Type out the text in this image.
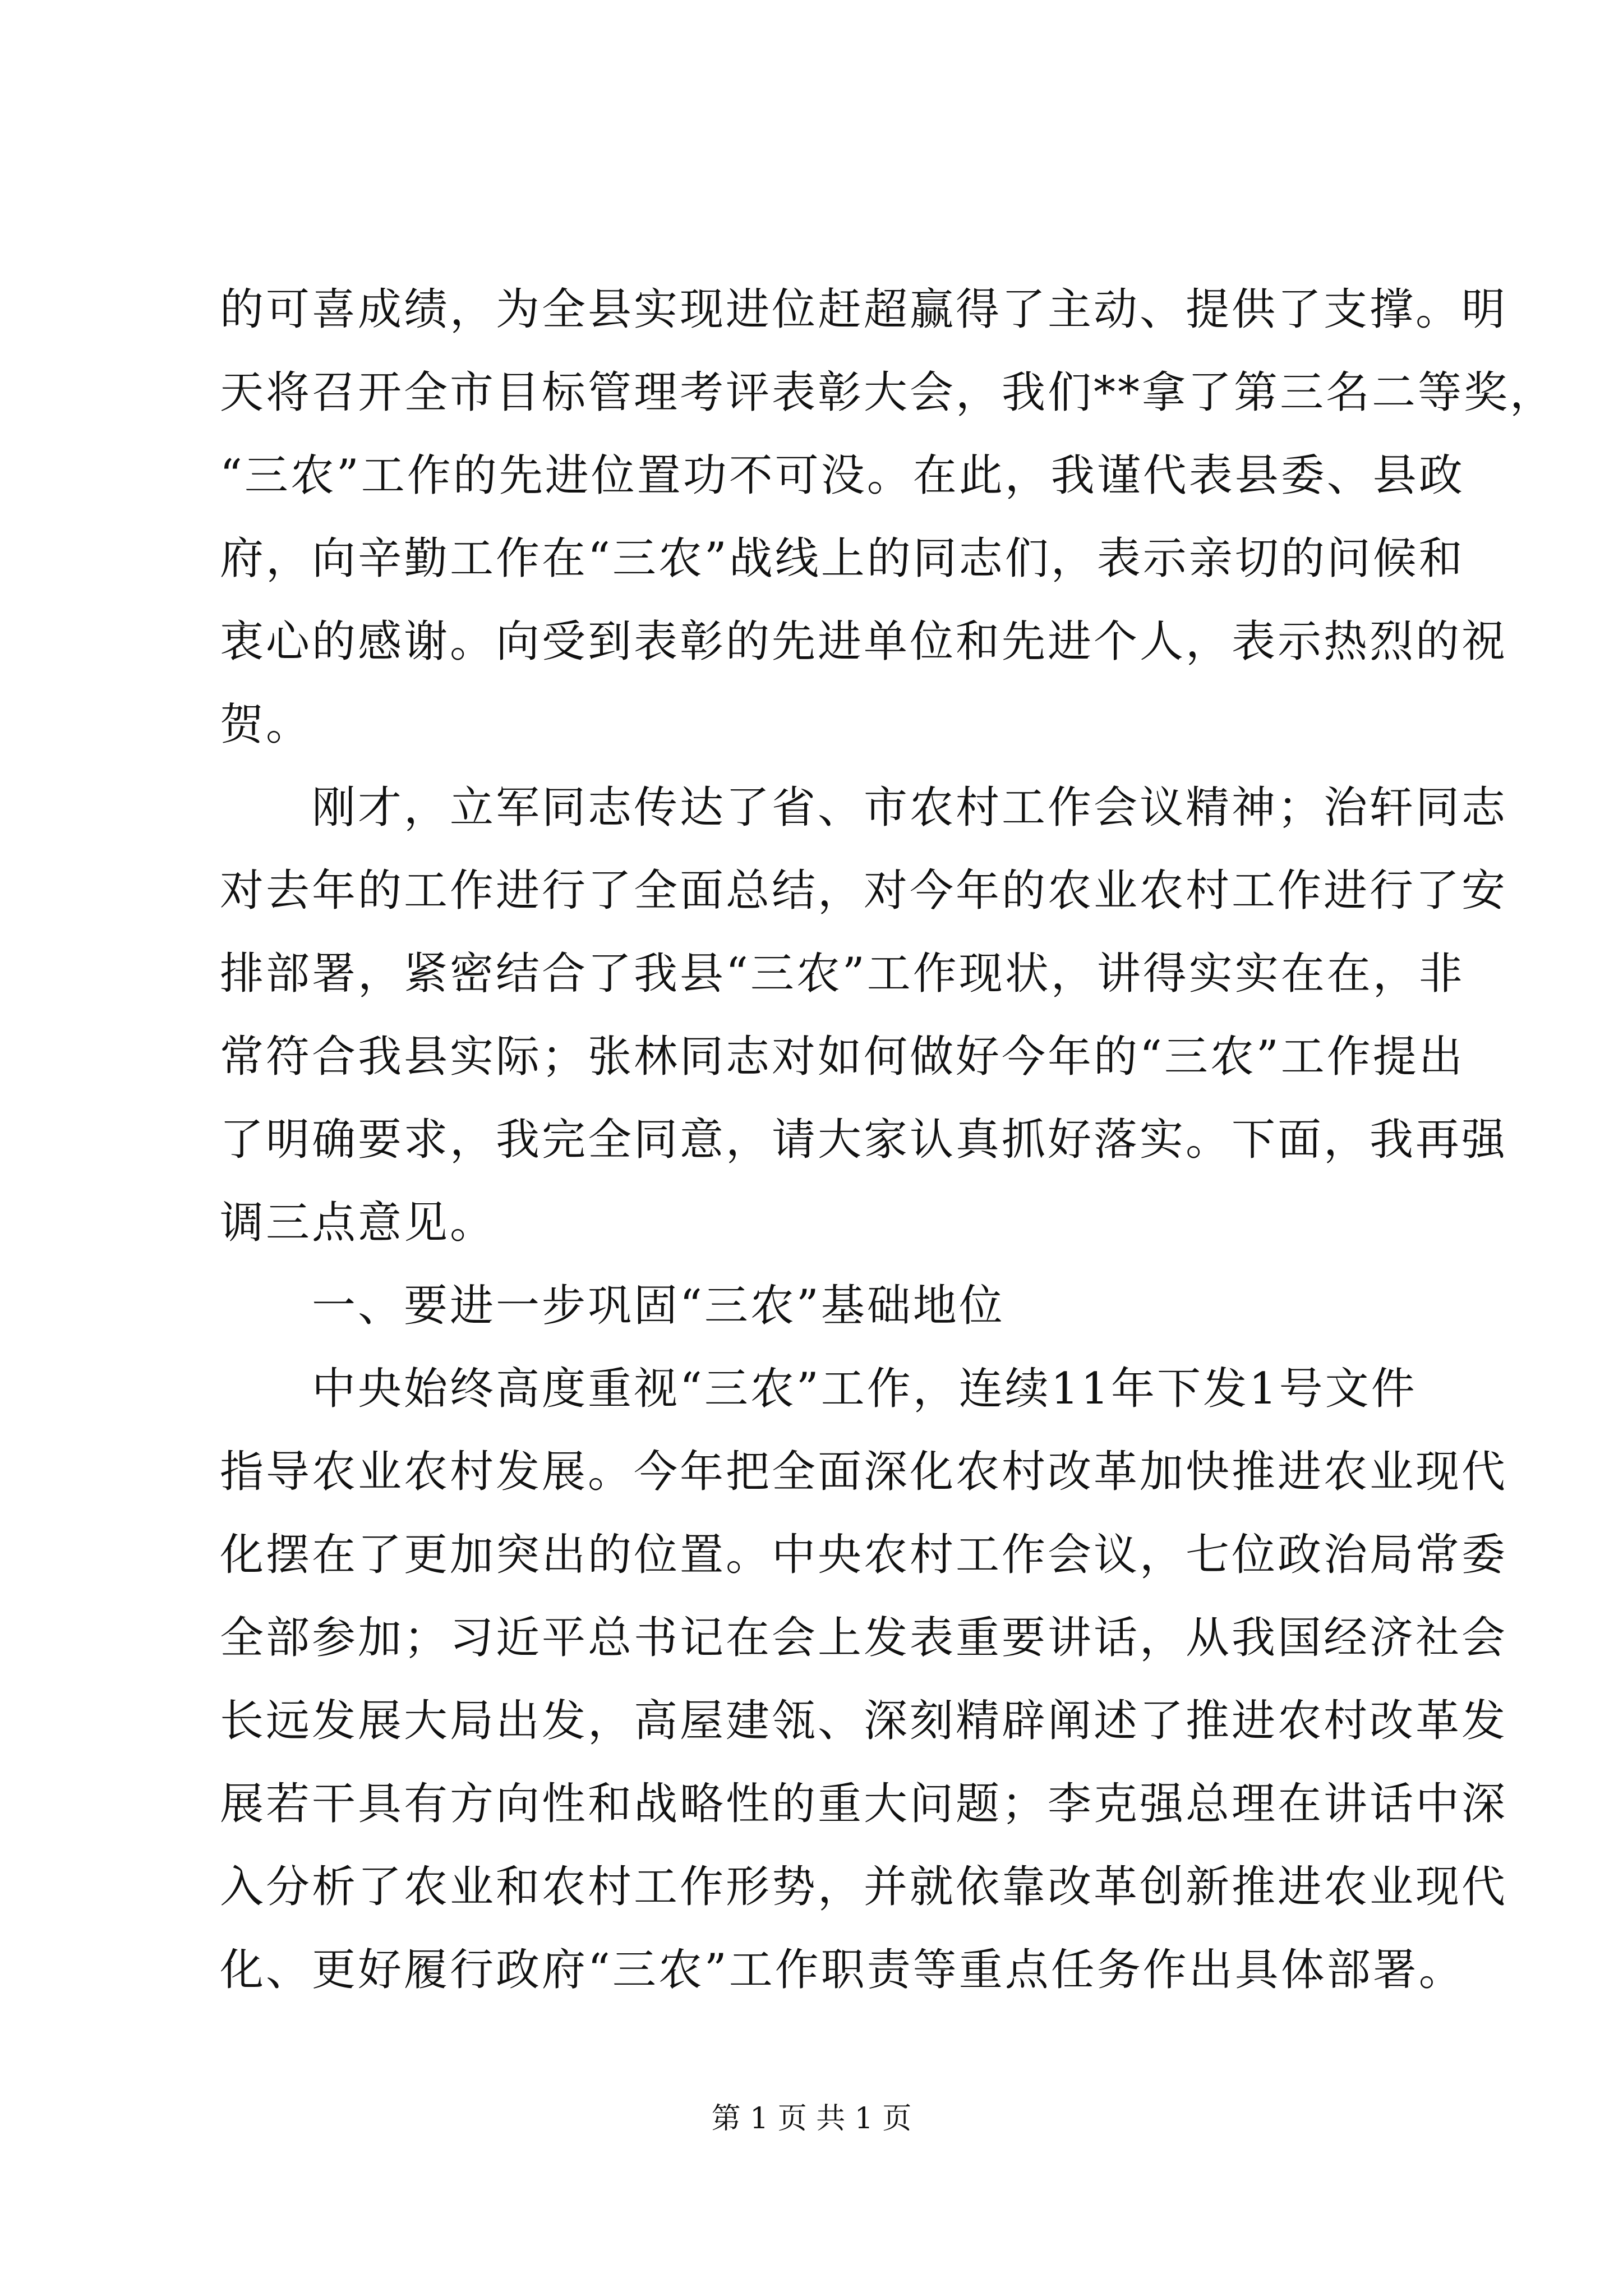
的可喜成绩，为全县实现进位赶超赢得了主动、提供了支撑。明
天将召开全市目标管理考评表彰大会，我们**拿了第三名二等奖，
“三农”工作的先进位置功不可没。在此，我谨代表县委、县政
府，向辛勤工作在“三农”战线上的同志们，表示亲切的问候和
衷心的感谢。向受到表彰的先进单位和先进个人，表示热烈的祝
贺。
　　刚才，立军同志传达了省、市农村工作会议精神；治轩同志
对去年的工作进行了全面总结，对今年的农业农村工作进行了安
排部署，紧密结合了我县“三农”工作现状，讲得实实在在，非
常符合我县实际；张林同志对如何做好今年的“三农”工作提出
了明确要求，我完全同意，请大家认真抓好落实。下面，我再强
调三点意见。
　　一、要进一步巩固“三农”基础地位
　　中央始终高度重视“三农”工作，连续11年下发1号文件
指导农业农村发展。今年把全面深化农村改革加快推进农业现代
化摆在了更加突出的位置。中央农村工作会议，七位政治局常委
全部参加；习近平总书记在会上发表重要讲话，从我国经济社会
长远发展大局出发，高屋建瓴、深刻精辟阐述了推进农村改革发
展若干具有方向性和战略性的重大问题；李克强总理在讲话中深
入分析了农业和农村工作形势，并就依靠改革创新推进农业现代
化、更好履行政府“三农”工作职责等重点任务作出具体部署。
第 1 页 共 1 页
